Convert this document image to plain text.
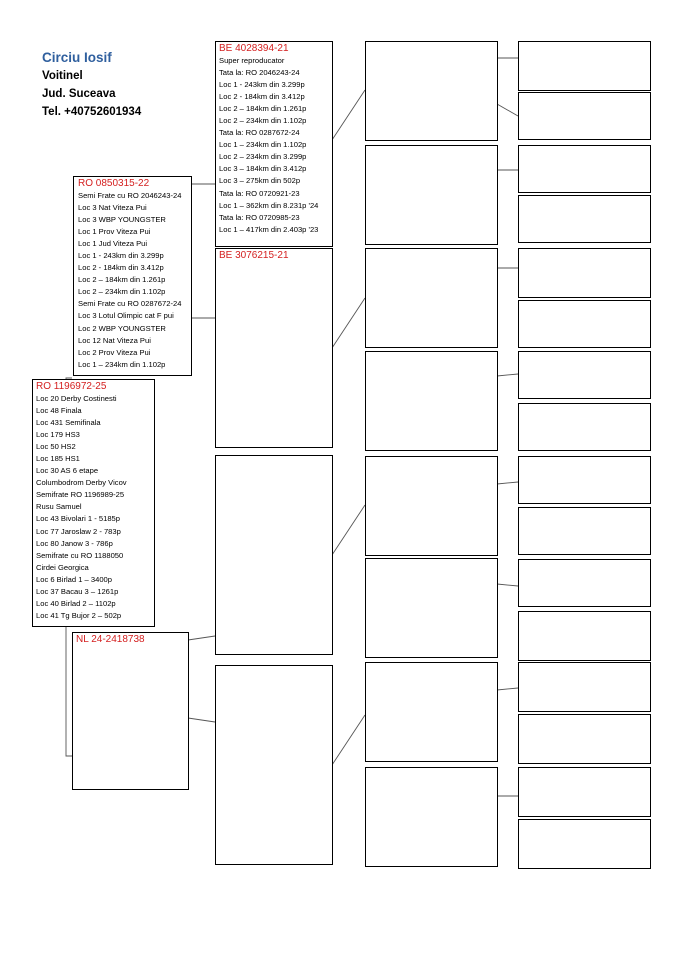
Circiu Iosif
Voitinel
Jud. Suceava
Tel. +40752601934
BE 4028394-21
Super reproducator
Tata la: RO 2046243-24
Loc 1 - 243km din 3.299p
Loc 2 - 184km din 3.412p
Loc 2 – 184km din 1.261p
Loc 2 – 234km din 1.102p
Tata la: RO 0287672-24
Loc 1 – 234km din 1.102p
Loc 2 – 234km din 3.299p
Loc 3 – 184km din 3.412p
Loc 3 – 275km din 502p
Tata la: RO 0720921-23
Loc 1 – 362km din 8.231p '24
Tata la: RO 0720985-23
Loc 1 – 417km din 2.403p '23
BE 3076215-21
RO 0850315-22
Semi Frate cu RO 2046243-24
Loc 3 Nat Viteza Pui
Loc 3 WBP YOUNGSTER
Loc 1 Prov Viteza Pui
Loc 1 Jud Viteza Pui
Loc 1 - 243km din 3.299p
Loc 2 - 184km din 3.412p
Loc 2 – 184km din 1.261p
Loc 2 – 234km din 1.102p
Semi Frate cu RO 0287672-24
Loc 3 Lotul Olimpic cat F pui
Loc 2 WBP YOUNGSTER
Loc 12 Nat Viteza Pui
Loc 2 Prov Viteza Pui
Loc 1 – 234km din 1.102p
NL 24-2418738
RO 1196972-25
Loc 20 Derby Costinesti
Loc 48 Finala
Loc 431 Semifinala
Loc 179 HS3
Loc 50 HS2
Loc 185 HS1
Loc 30 AS 6 etape
Columbodrom Derby Vicov
Semifrate RO 1196989-25
Rusu Samuel
Loc 43 Bivolari 1 - 5185p
Loc 77 Jaroslaw 2 - 783p
Loc 80 Janow 3 - 786p
Semifrate cu RO 1188050
Cirdei Georgica
Loc 6 Birlad 1 – 3400p
Loc 37 Bacau 3 – 1261p
Loc 40 Birlad 2 – 1102p
Loc 41 Tg Bujor 2 – 502p
